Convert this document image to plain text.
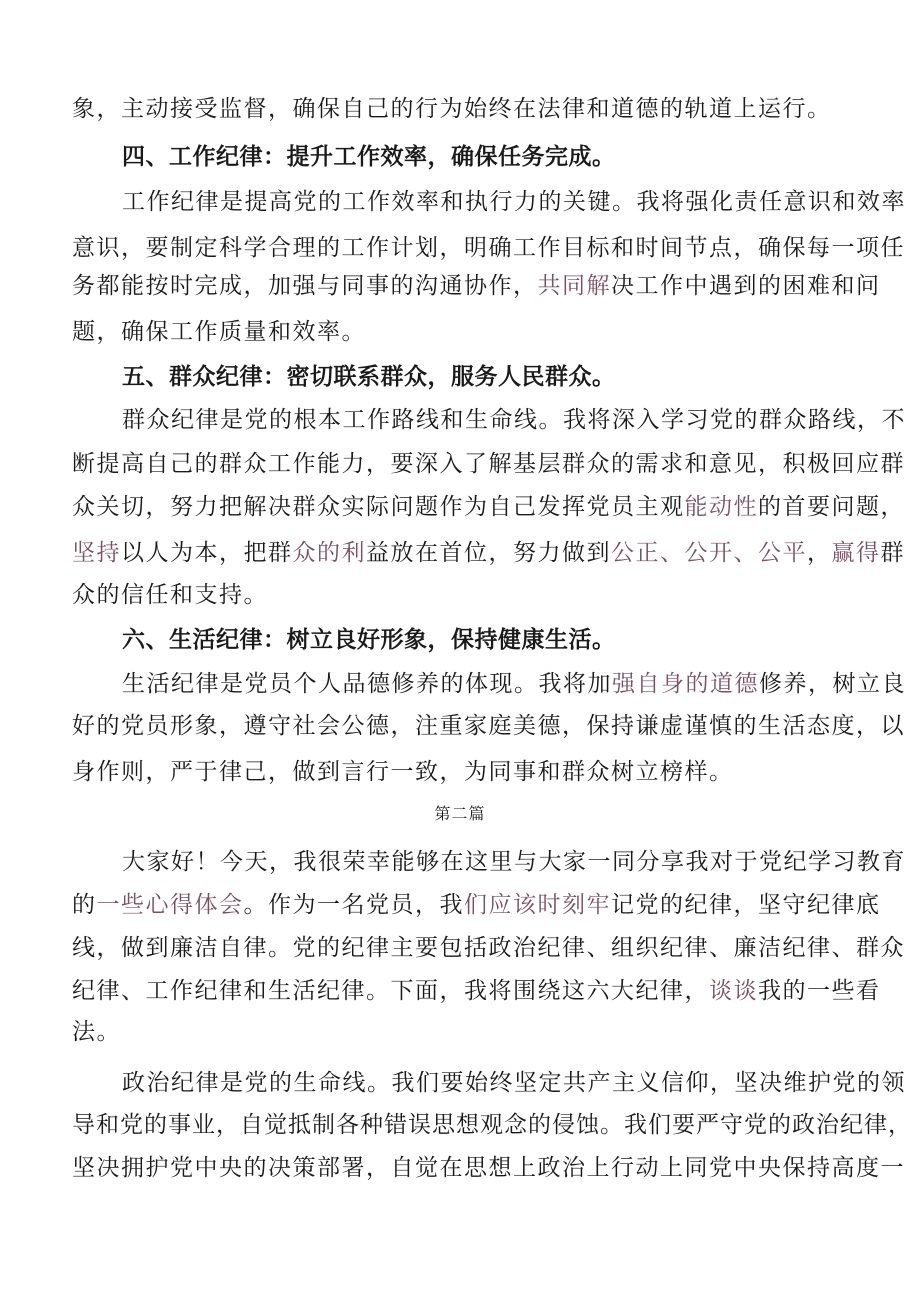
象，主动接受监督，确保自己的行为始终在法律和道德的轨道上运行。
四、工作纪律：提升工作效率，确保任务完成。
工作纪律是提高党的工作效率和执行力的关键。我将强化责任意识和效率
意识，要制定科学合理的工作计划，明确工作目标和时间节点，确保每一项任
务都能按时完成，加强与同事的沟通协作，共同解决工作中遇到的困难和问
题，确保工作质量和效率。
五、群众纪律：密切联系群众，服务人民群众。
群众纪律是党的根本工作路线和生命线。我将深入学习党的群众路线，不
断提高自己的群众工作能力，要深入了解基层群众的需求和意见，积极回应群
众关切，努力把解决群众实际问题作为自己发挥党员主观能动性的首要问题，
坚持以人为本，把群众的利益放在首位，努力做到公正、公开、公平，赢得群
众的信任和支持。
六、生活纪律：树立良好形象，保持健康生活。
生活纪律是党员个人品德修养的体现。我将加强自身的道德修养，树立良
好的党员形象，遵守社会公德，注重家庭美德，保持谦虚谨慎的生活态度，以
身作则，严于律己，做到言行一致，为同事和群众树立榜样。
第二篇
大家好！今天，我很荣幸能够在这里与大家一同分享我对于党纪学习教育
的一些心得体会。作为一名党员，我们应该时刻牢记党的纪律，坚守纪律底
线，做到廉洁自律。党的纪律主要包括政治纪律、组织纪律、廉洁纪律、群众
纪律、工作纪律和生活纪律。下面，我将围绕这六大纪律，谈谈我的一些看
法。
政治纪律是党的生命线。我们要始终坚定共产主义信仰，坚决维护党的领
导和党的事业，自觉抵制各种错误思想观念的侵蚀。我们要严守党的政治纪律，
坚决拥护党中央的决策部署，自觉在思想上政治上行动上同党中央保持高度一
